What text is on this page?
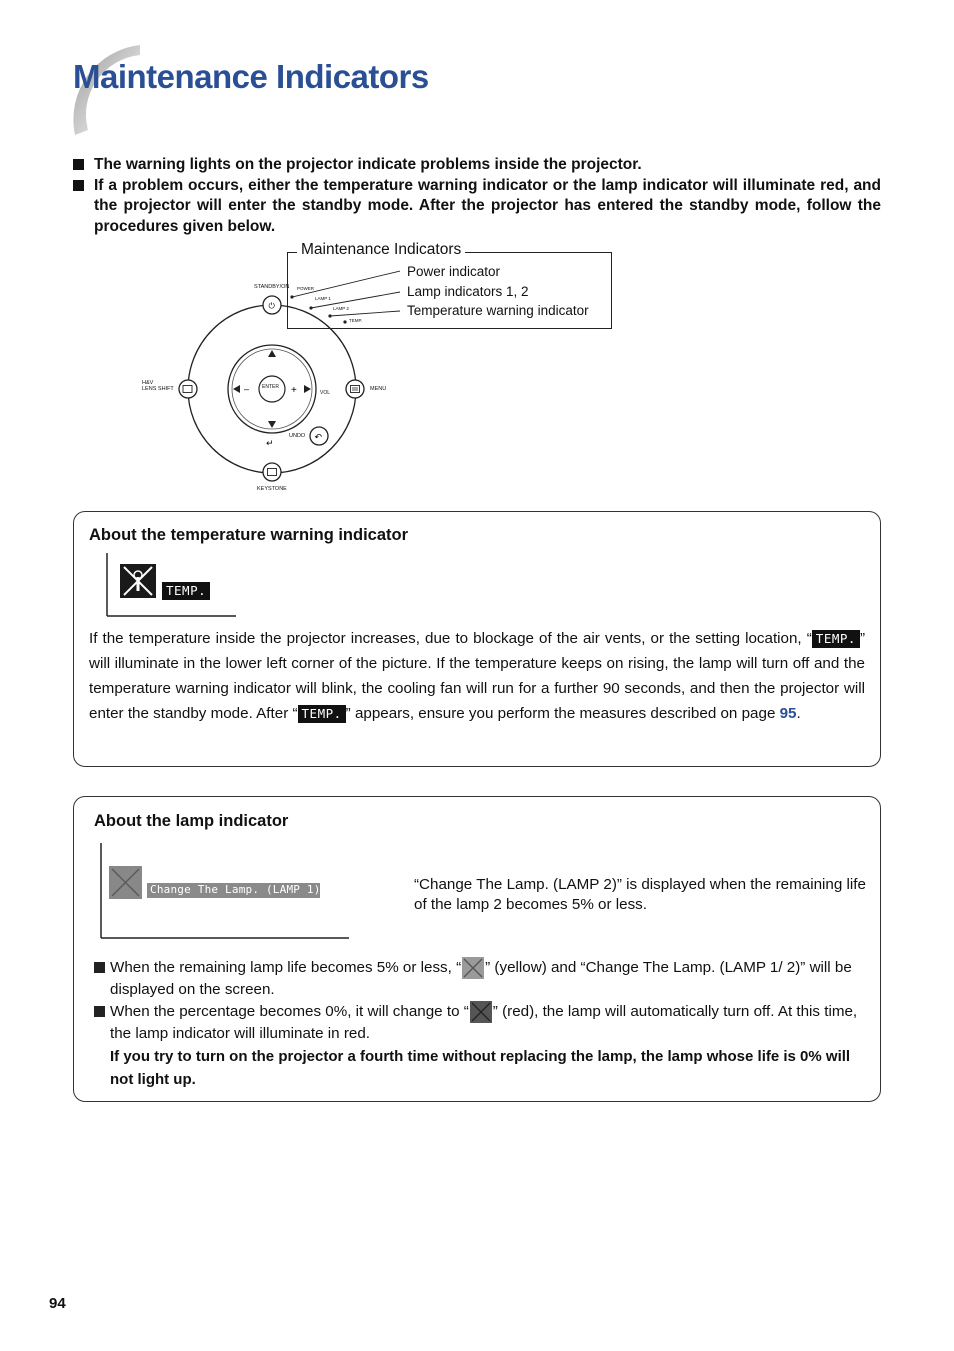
Maintenance Indicators
The warning lights on the projector indicate problems inside the projector.
If a problem occurs, either the temperature warning indicator or the lamp indicator will illuminate red, and the projector will enter the standby mode. After the projector has entered the standby mode, follow the procedures given below.
–	+
⏻
↶
↵
STANDBY/ON POWER
LAMP 1
LAMP 2
TEMP.
H&V
LENS SHIFT	ENTER
VOL
MENU
UNDO
KEYSTONE
Maintenance Indicators
Power indicator
Lamp indicators 1, 2
Temperature warning indicator
About the temperature warning indicator
TEMP.
If the temperature inside the projector increases, due to blockage of the air vents, or the setting location, “ TEMP. ” will illuminate in the lower left corner of the picture. If the temperature keeps on rising, the lamp will turn off and the temperature warning indicator will blink, the cooling fan will run for a further 90 seconds, and then the projector will enter the standby mode. After “ TEMP. ” appears, ensure you perform the measures described on page 95.
About the lamp indicator
Change The Lamp. (LAMP 1)	“Change The Lamp. (LAMP 2)” is displayed when the remaining life of the lamp 2 becomes 5% or less.
When the remaining lamp life becomes 5% or less, “ ” (yellow) and “Change The Lamp. (LAMP 1/ 2)” will be displayed on the screen.
When the percentage becomes 0%, it will change to “ ” (red), the lamp will automatically turn off. At this time, the lamp indicator will illuminate in red.
If you try to turn on the projector a fourth time without replacing the lamp, the lamp whose life is 0% will not light up.
94
